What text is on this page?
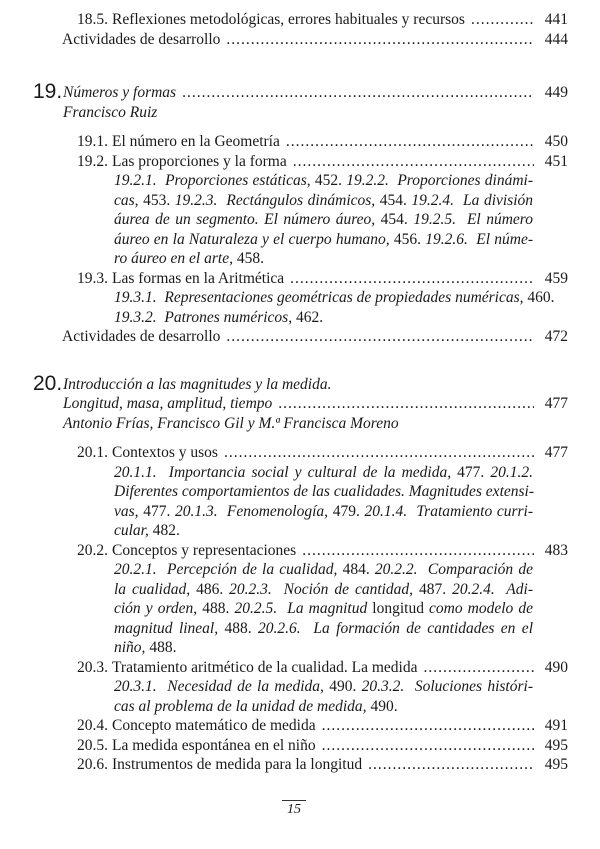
18.5. Reflexiones metodológicas, errores habituales y recursos .....	441
Actividades de desarrollo .....	444
19. Números y formas .....	449
Francisco Ruiz
19.1. El número en la Geometría .....	450
19.2. Las proporciones y la forma .....	451
19.2.1.  Proporciones estáticas, 452. 19.2.2.  Proporciones dinámi-
cas, 453. 19.2.3.  Rectángulos dinámicos, 454. 19.2.4.  La división
áurea de un segmento. El número áureo, 454. 19.2.5.  El número
áureo en la Naturaleza y el cuerpo humano, 456. 19.2.6.  El núme-
ro áureo en el arte, 458.
19.3. Las formas en la Aritmética .....	459
19.3.1.  Representaciones geométricas de propiedades numéricas, 460.
19.3.2.  Patrones numéricos, 462.
Actividades de desarrollo .....	472
20. Introducción a las magnitudes y la medida.
Longitud, masa, amplitud, tiempo .....	477
Antonio Frías, Francisco Gil y M.ª Francisca Moreno
20.1. Contextos y usos .....	477
20.1.1.  Importancia social y cultural de la medida, 477. 20.1.2.
Diferentes comportamientos de las cualidades. Magnitudes extensi-
vas, 477. 20.1.3.  Fenomenología, 479. 20.1.4.  Tratamiento curri-
cular, 482.
20.2. Conceptos y representaciones .....	483
20.2.1.  Percepción de la cualidad, 484. 20.2.2.  Comparación de
la cualidad, 486. 20.2.3.  Noción de cantidad, 487. 20.2.4.  Adi-
ción y orden, 488. 20.2.5.  La magnitud longitud como modelo de
magnitud lineal, 488. 20.2.6.  La formación de cantidades en el
niño, 488.
20.3. Tratamiento aritmético de la cualidad. La medida .....	490
20.3.1.  Necesidad de la medida, 490. 20.3.2.  Soluciones históri-
cas al problema de la unidad de medida, 490.
20.4. Concepto matemático de medida .....	491
20.5. La medida espontánea en el niño .....	495
20.6. Instrumentos de medida para la longitud .....	495
15
